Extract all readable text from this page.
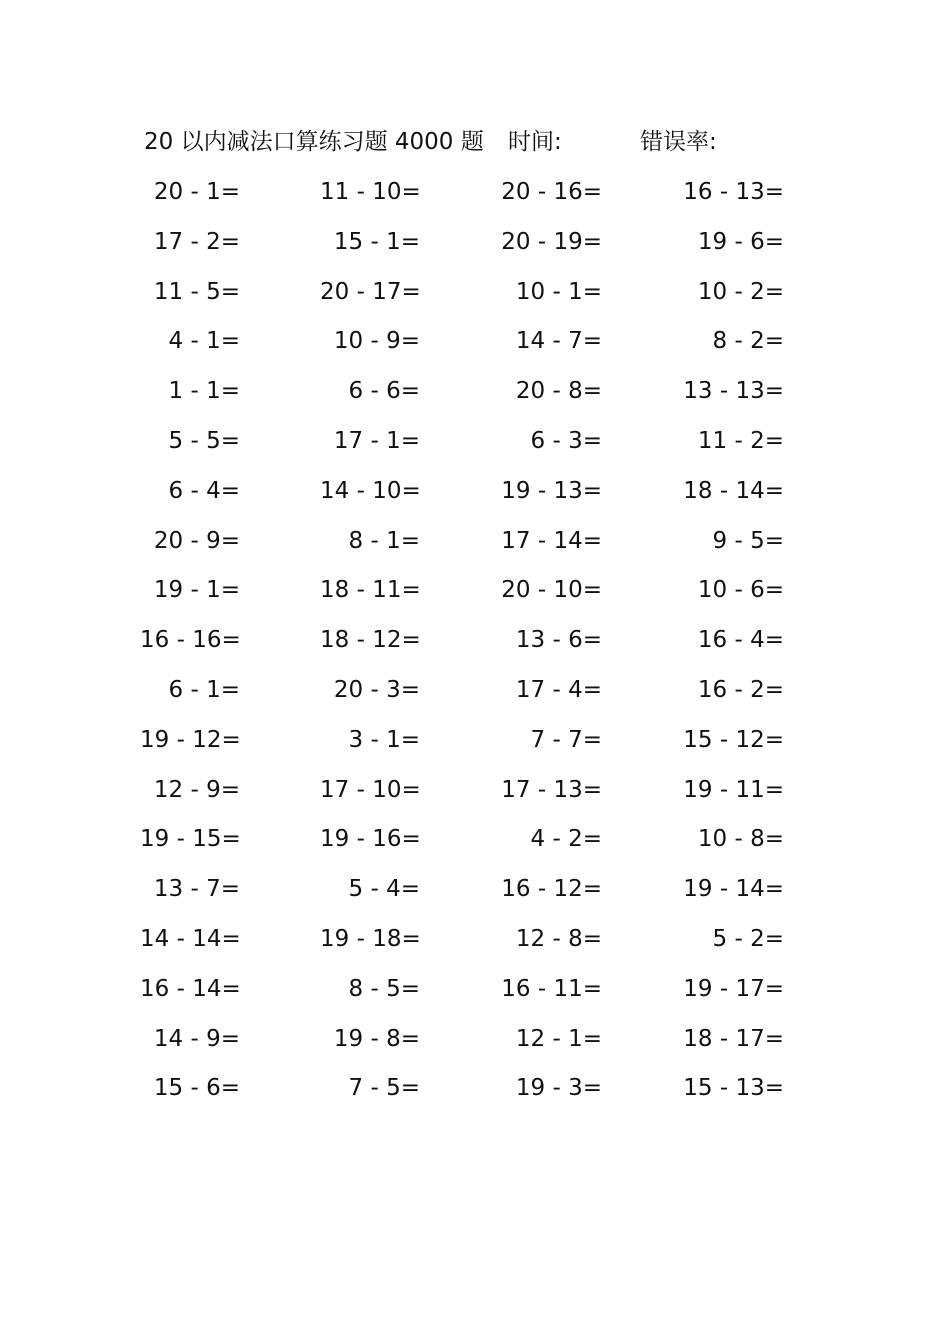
20 以内减法口算练习题 4000 题 时间:	错误率:
20 - 1=	11 - 10=	20 - 16=	16 - 13=
17 - 2=	15 - 1=	20 - 19=	19 - 6=
11 - 5=	20 - 17=	10 - 1=	10 - 2=
4 - 1=	10 - 9=	14 - 7=	8 - 2=
1 - 1=	6 - 6=	20 - 8=	13 - 13=
5 - 5=	17 - 1=	6 - 3=	11 - 2=
6 - 4=	14 - 10=	19 - 13=	18 - 14=
20 - 9=	8 - 1=	17 - 14=	9 - 5=
19 - 1=	18 - 11=	20 - 10=	10 - 6=
16 - 16=	18 - 12=	13 - 6=	16 - 4=
6 - 1=	20 - 3=	17 - 4=	16 - 2=
19 - 12=	3 - 1=	7 - 7=	15 - 12=
12 - 9=	17 - 10=	17 - 13=	19 - 11=
19 - 15=	19 - 16=	4 - 2=	10 - 8=
13 - 7=	5 - 4=	16 - 12=	19 - 14=
14 - 14=	19 - 18=	12 - 8=	5 - 2=
16 - 14=	8 - 5=	16 - 11=	19 - 17=
14 - 9=	19 - 8=	12 - 1=	18 - 17=
15 - 6=	7 - 5=	19 - 3=	15 - 13=
